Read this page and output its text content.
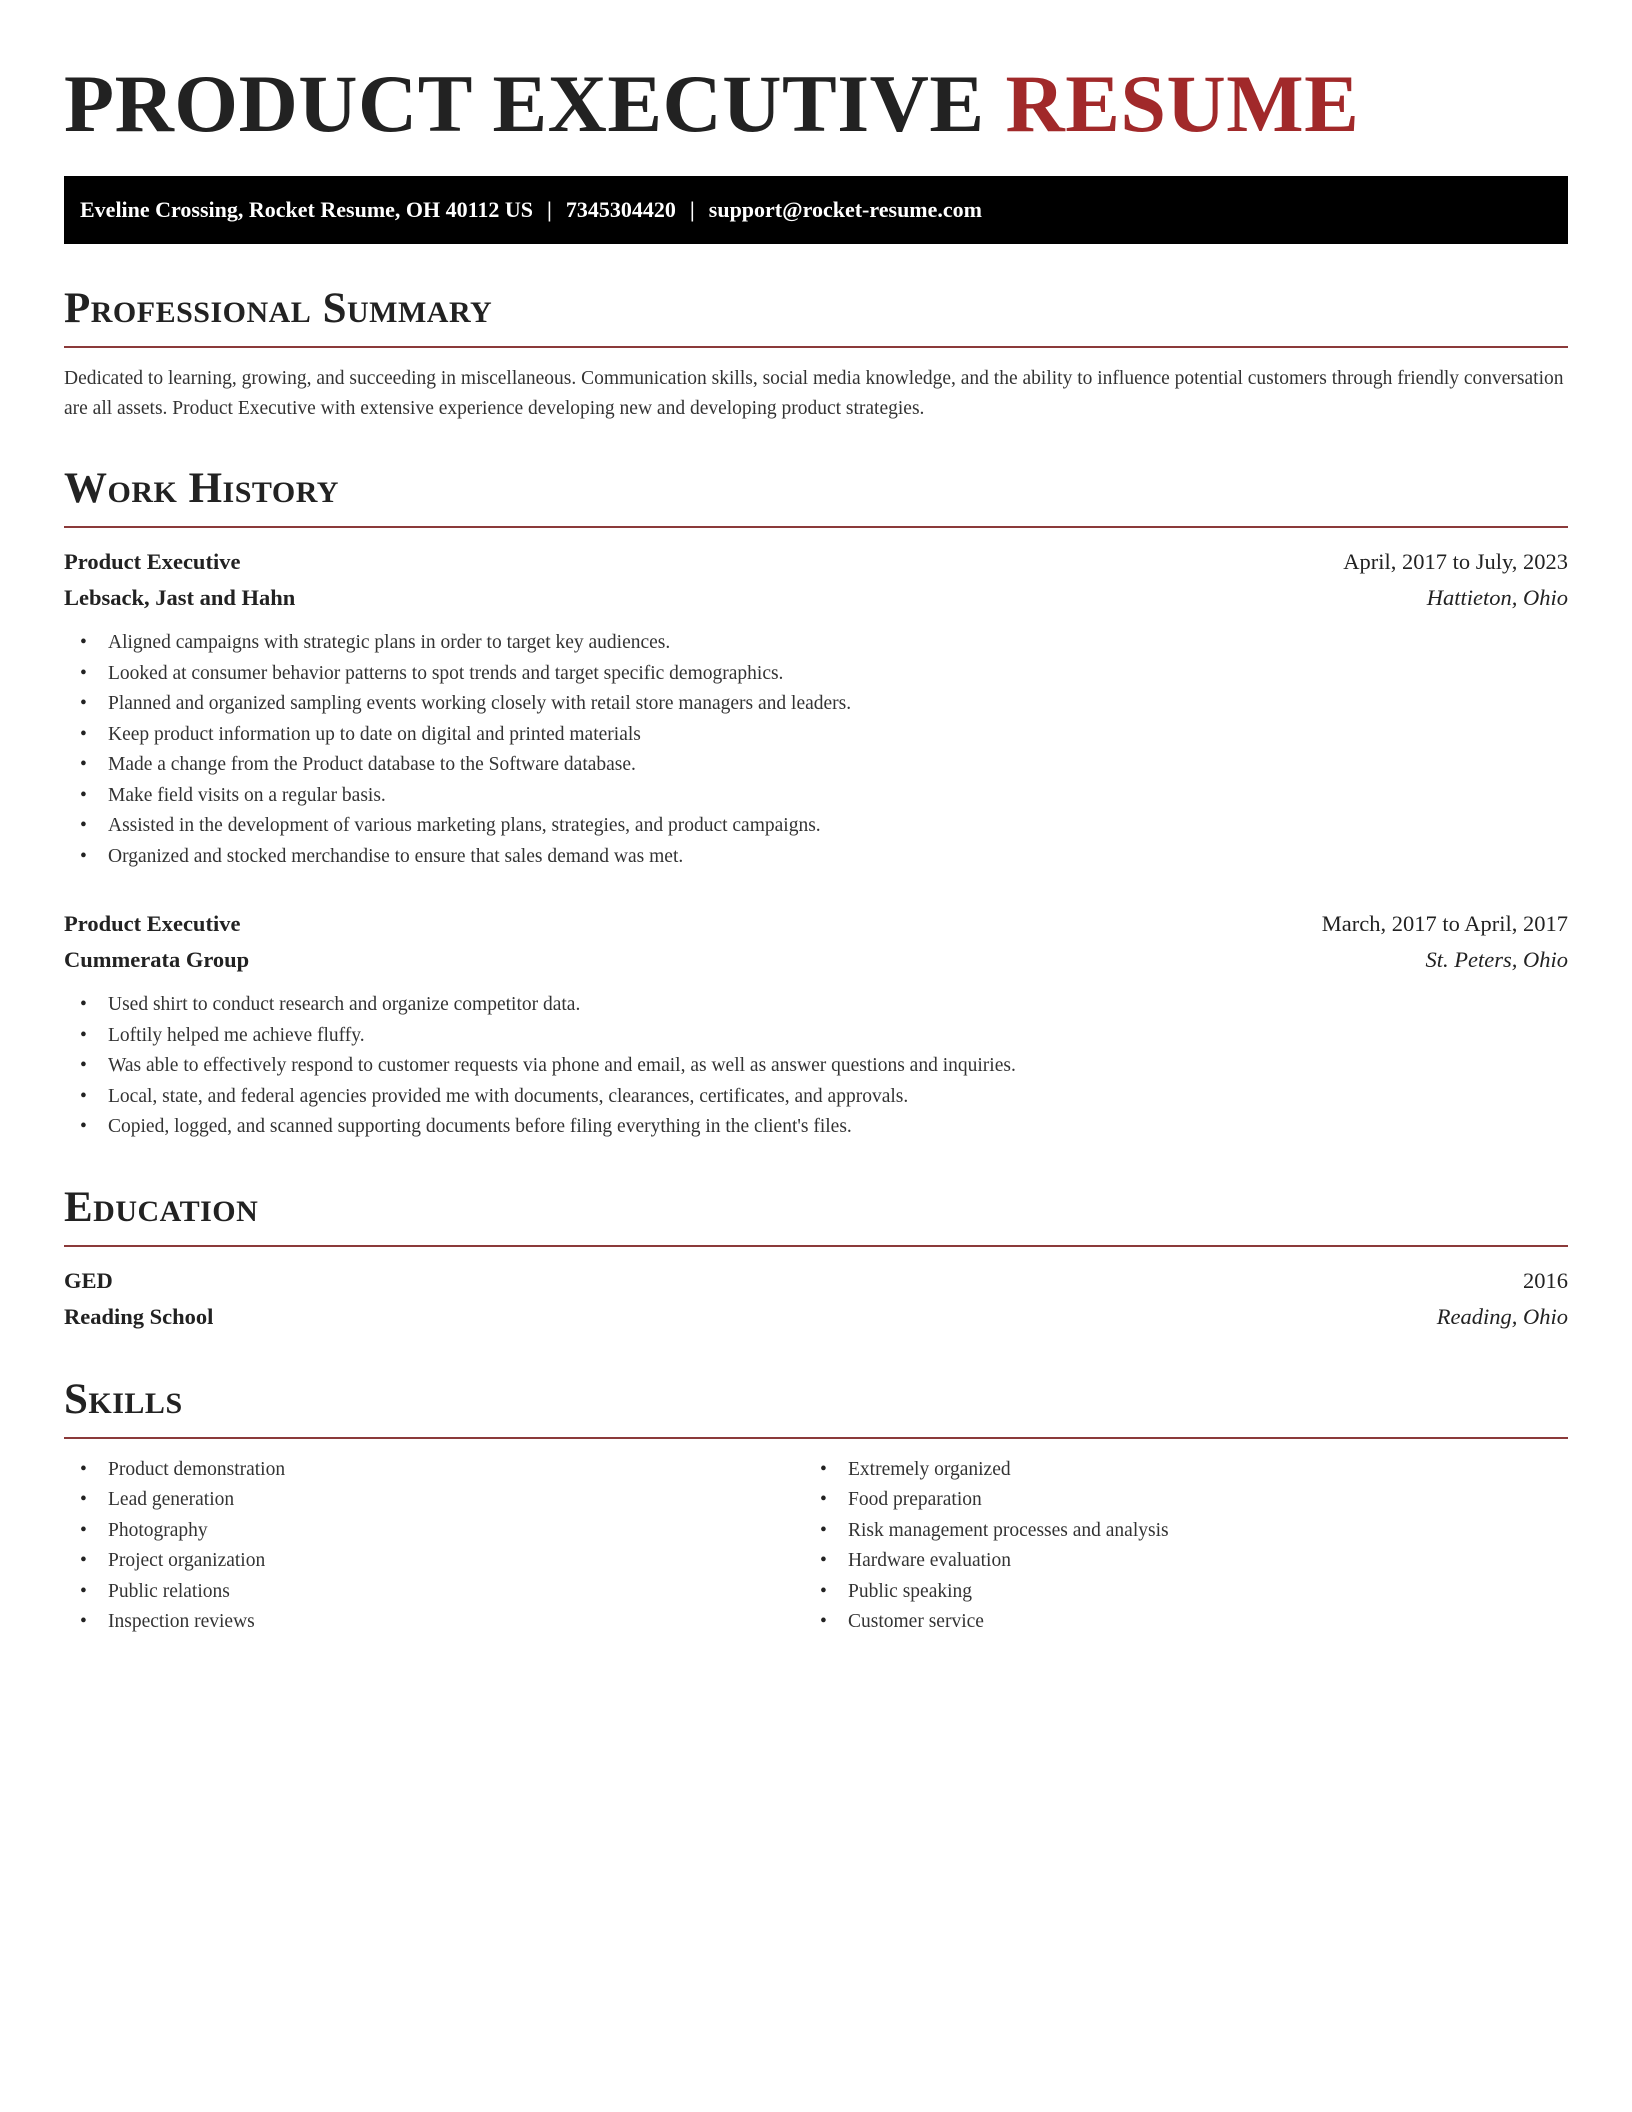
PRODUCT EXECUTIVE RESUME
Eveline Crossing, Rocket Resume, OH 40112 US | 7345304420 | support@rocket-resume.com
Professional Summary

Dedicated to learning, growing, and succeeding in miscellaneous. Communication skills, social media knowledge, and the ability to influence potential customers through friendly conversation are all assets. Product Executive with extensive experience developing new and developing product strategies.

Work History
Product Executive	April, 2017 to July, 2023
Lebsack, Jast and Hahn	Hattieton, Ohio
• Aligned campaigns with strategic plans in order to target key audiences.
• Looked at consumer behavior patterns to spot trends and target specific demographics.
• Planned and organized sampling events working closely with retail store managers and leaders.
• Keep product information up to date on digital and printed materials
• Made a change from the Product database to the Software database.
• Make field visits on a regular basis.
• Assisted in the development of various marketing plans, strategies, and product campaigns.
• Organized and stocked merchandise to ensure that sales demand was met.
Product Executive	March, 2017 to April, 2017
Cummerata Group	St. Peters, Ohio
• Used shirt to conduct research and organize competitor data.
• Loftily helped me achieve fluffy.
• Was able to effectively respond to customer requests via phone and email, as well as answer questions and inquiries.
• Local, state, and federal agencies provided me with documents, clearances, certificates, and approvals.
• Copied, logged, and scanned supporting documents before filing everything in the client's files.
Education
GED	2016
Reading School	Reading, Ohio
Skills
• Product demonstration
• Lead generation
• Photography
• Project organization
• Public relations
• Inspection reviews
• Extremely organized
• Food preparation
• Risk management processes and analysis
• Hardware evaluation
• Public speaking
• Customer service
